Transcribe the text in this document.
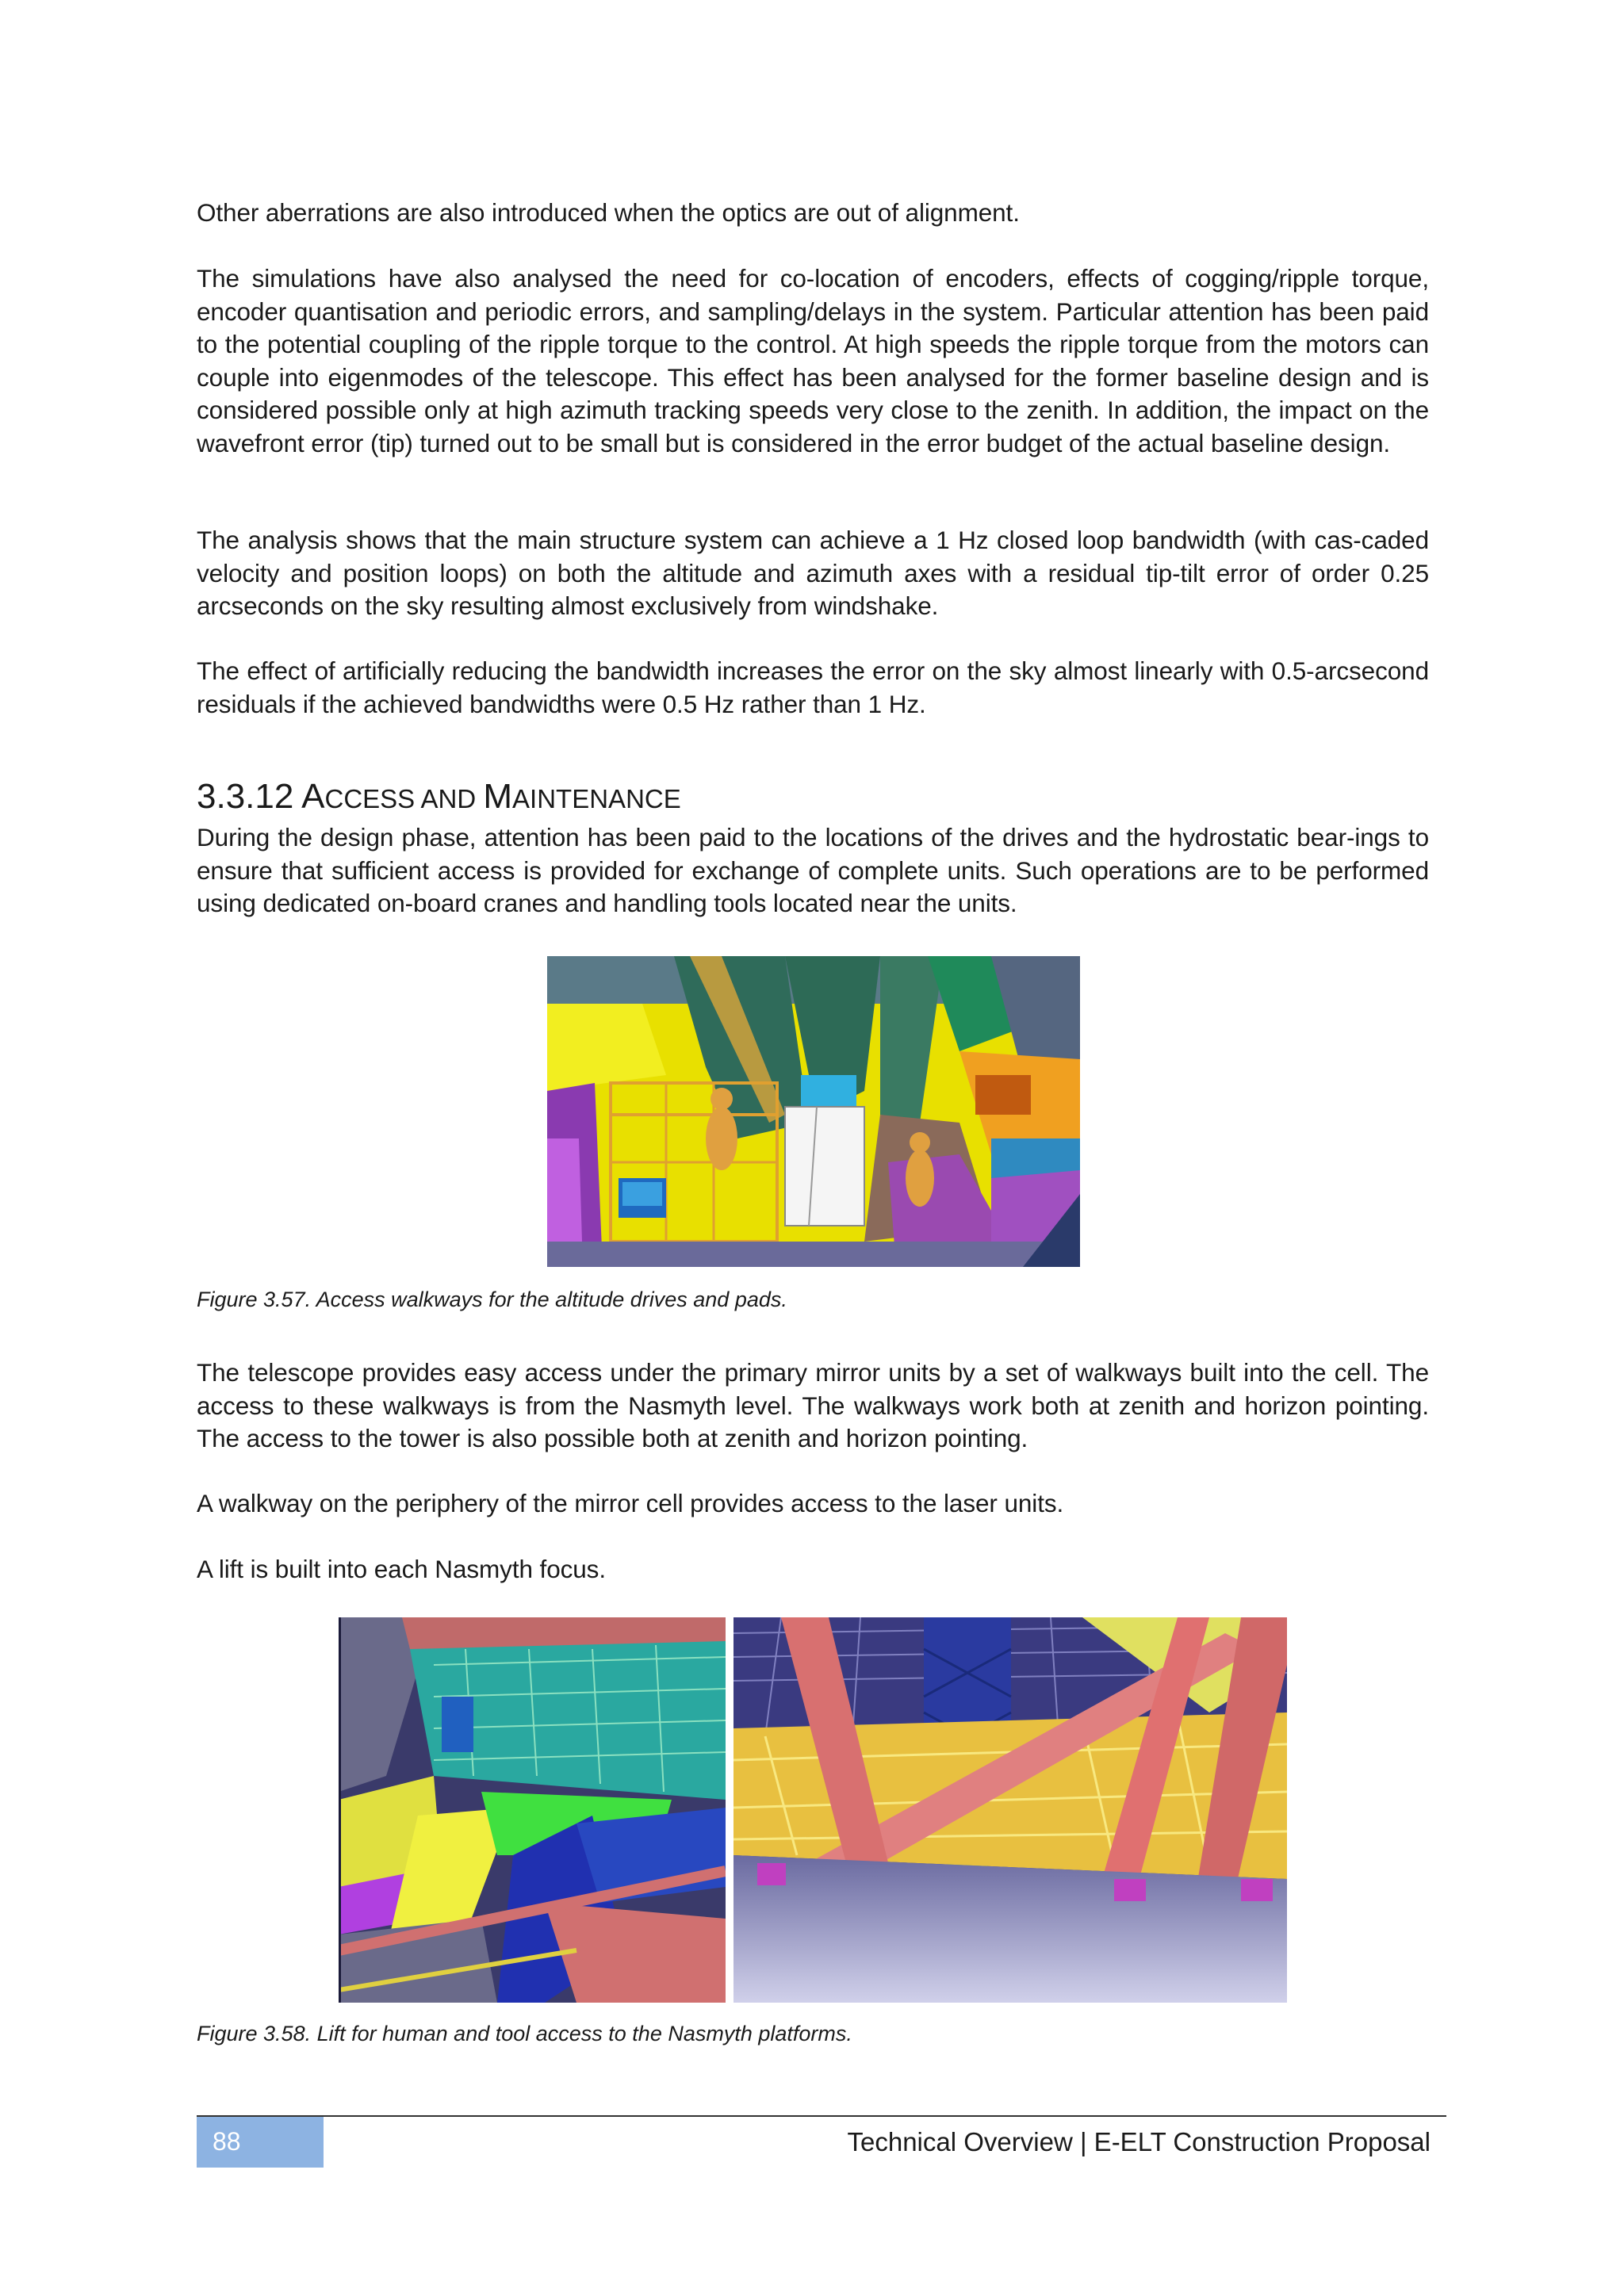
Other aberrations are also introduced when the optics are out of alignment.

The simulations have also analysed the need for co-location of encoders, effects of cogging/ripple torque, encoder quantisation and periodic errors, and sampling/delays in the system. Particular attention has been paid to the potential coupling of the ripple torque to the control. At high speeds the ripple torque from the motors can couple into eigenmodes of the telescope. This effect has been analysed for the former baseline design and is considered possible only at high azimuth tracking speeds very close to the zenith. In addition, the impact on the wavefront error (tip) turned out to be small but is considered in the error budget of the actual baseline design.

The analysis shows that the main structure system can achieve a 1 Hz closed loop bandwidth (with cas-caded velocity and position loops) on both the altitude and azimuth axes with a residual tip-tilt error of order 0.25 arcseconds on the sky resulting almost exclusively from windshake.

The effect of artificially reducing the bandwidth increases the error on the sky almost linearly with 0.5-arcsecond residuals if the achieved bandwidths were 0.5 Hz rather than 1 Hz.

3.3.12 ACCESS AND MAINTENANCE

During the design phase, attention has been paid to the locations of the drives and the hydrostatic bear-ings to ensure that sufficient access is provided for exchange of complete units. Such operations are to be performed using dedicated on-board cranes and handling tools located near the units.

Figure 3.57. Access walkways for the altitude drives and pads.

The telescope provides easy access under the primary mirror units by a set of walkways built into the cell. The access to these walkways is from the Nasmyth level. The walkways work both at zenith and horizon pointing. The access to the tower is also possible both at zenith and horizon pointing.

A walkway on the periphery of the mirror cell provides access to the laser units.

A lift is built into each Nasmyth focus.

Figure 3.58. Lift for human and tool access to the Nasmyth platforms.

88	Technical Overview | E-ELT Construction Proposal
